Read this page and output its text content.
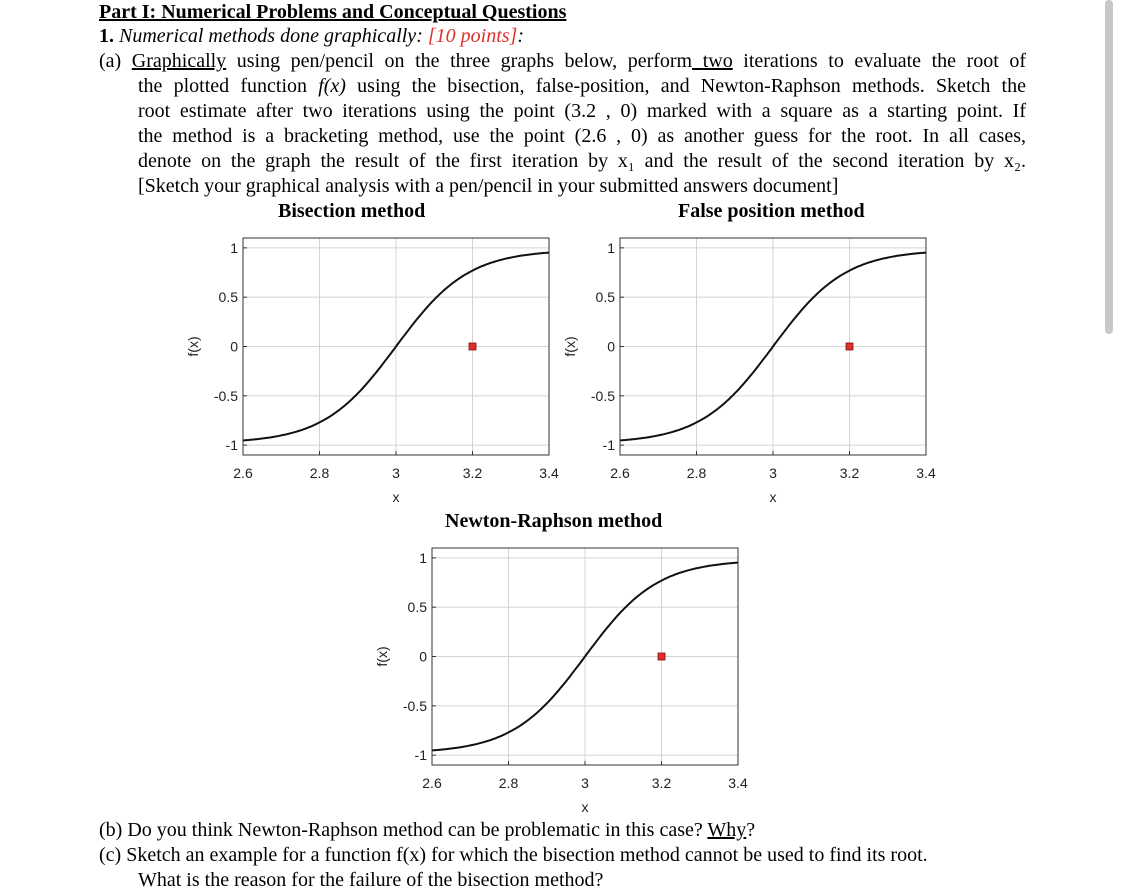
Part I: Numerical Problems and Conceptual Questions
1. Numerical methods done graphically: [10 points]:
(a) Graphically using pen/pencil on the three graphs below, perform two iterations to evaluate the root of
the plotted function f(x) using the bisection, false-position, and Newton-Raphson methods. Sketch the
root estimate after two iterations using the point (3.2 , 0) marked with a square as a starting point. If
the method is a bracketing method, use the point (2.6 , 0) as another guess for the root. In all cases,
denote on the graph the result of the first iteration by x₁ and the result of the second iteration by x₂.
[Sketch your graphical analysis with a pen/pencil in your submitted answers document]
Bisection method	False position method
Newton-Raphson method
2.6	2.8	3	3.2	3.4
1
0.5
0
-0.5
-1
x
f(x)
2.6	2.8	3	3.2	3.4
1
0.5
0
-0.5
-1
x
f(x)
2.6	2.8	3	3.2	3.4
1
0.5
0
-0.5
-1
x
f(x)
(b) Do you think Newton-Raphson method can be problematic in this case? Why?
(c) Sketch an example for a function f(x) for which the bisection method cannot be used to find its root.
What is the reason for the failure of the bisection method?
